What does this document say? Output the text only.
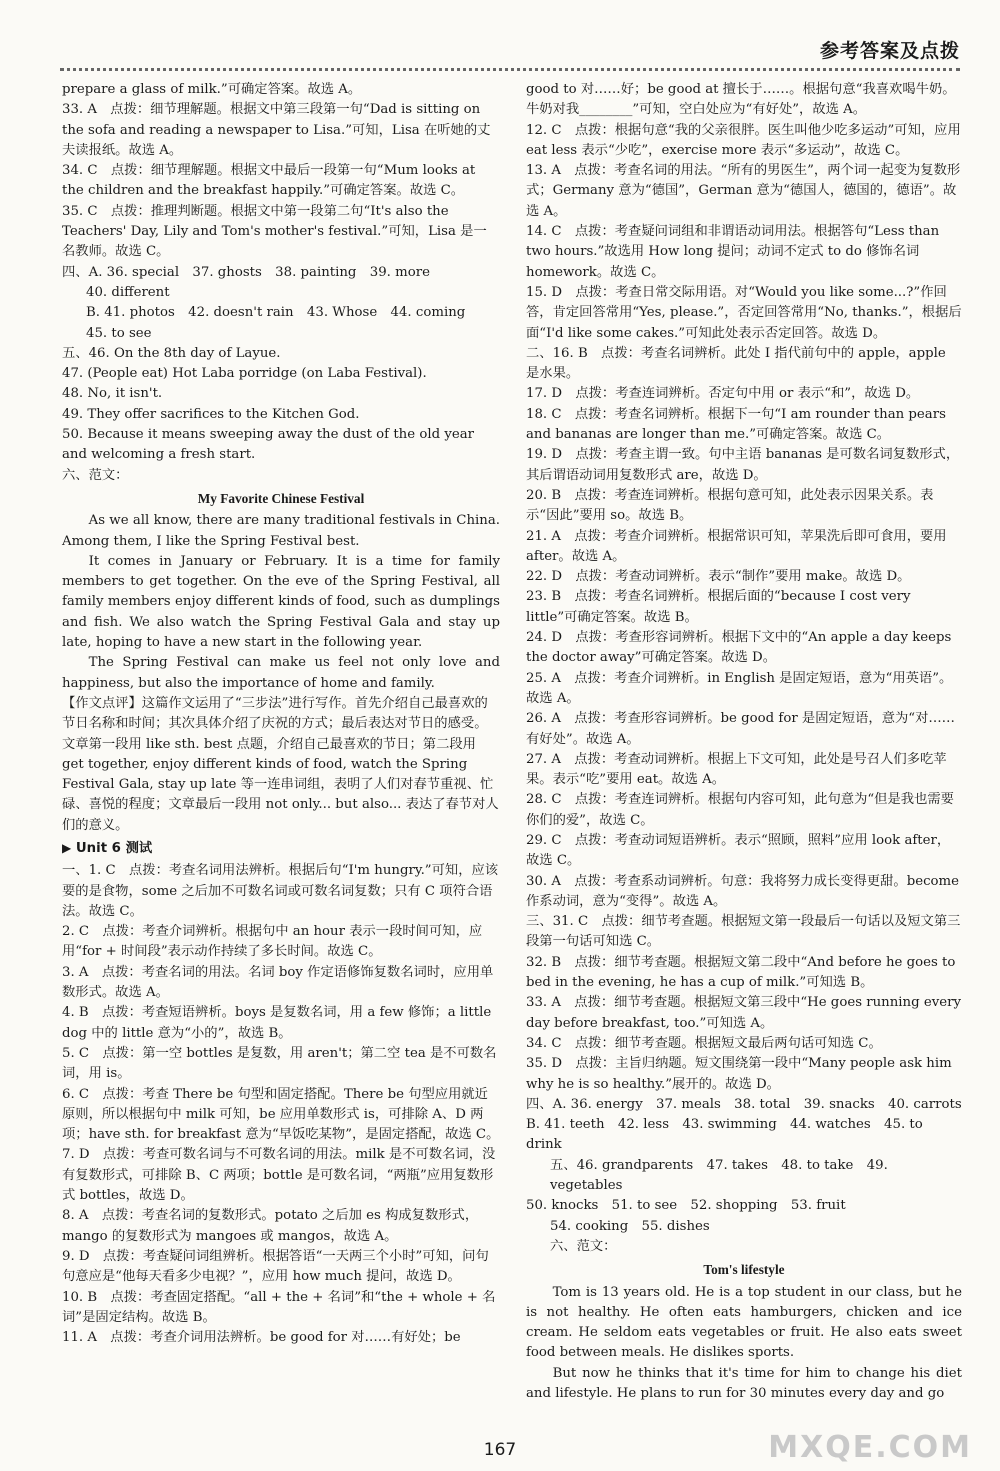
参考答案及点拨

prepare a glass of milk.”可确定答案。故选 A。

33. A　点拨：细节理解题。根据文中第三段第一句“Dad is sitting on the sofa and reading a newspaper to Lisa.”可知，Lisa 在听她的丈夫读报纸。故选 A。

34. C　点拨：细节理解题。根据文中最后一段第一句“Mum looks at the children and the breakfast happily.”可确定答案。故选 C。

35. C　点拨：推理判断题。根据文中第一段第二句“It's also the Teachers' Day, Lily and Tom's mother's festival.”可知，Lisa 是一名教师。故选 C。

四、A. 36. special　37. ghosts　38. painting　39. more

40. different

B. 41. photos　42. doesn't rain　43. Whose　44. coming

45. to see

五、46. On the 8th day of Layue.

47. (People eat) Hot Laba porridge (on Laba Festival).

48. No, it isn't.

49. They offer sacrifices to the Kitchen God.

50. Because it means sweeping away the dust of the old year and welcoming a fresh start.

六、范文：

My Favorite Chinese Festival

As we all know, there are many traditional festivals in China. Among them, I like the Spring Festival best.

It comes in January or February. It is a time for family members to get together. On the eve of the Spring Festival, all family members enjoy different kinds of food, such as dumplings and fish. We also watch the Spring Festival Gala and stay up late, hoping to have a new start in the following year.

The Spring Festival can make us feel not only love and happiness, but also the importance of home and family.

【作文点评】这篇作文运用了“三步法”进行写作。首先介绍自己最喜欢的节日名称和时间；其次具体介绍了庆祝的方式；最后表达对节日的感受。文章第一段用 like sth. best 点题，介绍自己最喜欢的节日；第二段用 get together, enjoy different kinds of food, watch the Spring Festival Gala, stay up late 等一连串词组，表明了人们对春节重视、忙碌、喜悦的程度；文章最后一段用 not only... but also... 表达了春节对人们的意义。

▶ Unit 6 测试

一、1. C　点拨：考查名词用法辨析。根据后句“I'm hungry.”可知，应该要的是食物，some 之后加不可数名词或可数名词复数；只有 C 项符合语法。故选 C。

2. C　点拨：考查介词辨析。根据句中 an hour 表示一段时间可知，应用“for + 时间段”表示动作持续了多长时间。故选 C。

3. A　点拨：考查名词的用法。名词 boy 作定语修饰复数名词时，应用单数形式。故选 A。

4. B　点拨：考查短语辨析。boys 是复数名词，用 a few 修饰；a little dog 中的 little 意为“小的”，故选 B。

5. C　点拨：第一空 bottles 是复数，用 aren't；第二空 tea 是不可数名词，用 is。

6. C　点拨：考查 There be 句型和固定搭配。There be 句型应用就近原则，所以根据句中 milk 可知，be 应用单数形式 is，可排除 A、D 两项；have sth. for breakfast 意为“早饭吃某物”，是固定搭配，故选 C。

7. D　点拨：考查可数名词与不可数名词的用法。milk 是不可数名词，没有复数形式，可排除 B、C 两项；bottle 是可数名词，“两瓶”应用复数形式 bottles，故选 D。

8. A　点拨：考查名词的复数形式。potato 之后加 es 构成复数形式，mango 的复数形式为 mangoes 或 mangos，故选 A。

9. D　点拨：考查疑问词组辨析。根据答语“一天两三个小时”可知，问句句意应是“他每天看多少电视？”，应用 how much 提问，故选 D。

10. B　点拨：考查固定搭配。“all + the + 名词”和“the + whole + 名词”是固定结构。故选 B。

11. A　点拨：考查介词用法辨析。be good for 对……有好处；be

good to 对……好；be good at 擅长于……。根据句意“我喜欢喝牛奶。牛奶对我________”可知，空白处应为“有好处”，故选 A。

12. C　点拨：根据句意“我的父亲很胖。医生叫他少吃多运动”可知，应用 eat less 表示“少吃”，exercise more 表示“多运动”，故选 C。

13. A　点拨：考查名词的用法。“所有的男医生”，两个词一起变为复数形式；Germany 意为“德国”，German 意为“德国人，德国的，德语”。故选 A。

14. C　点拨：考查疑问词组和非谓语动词用法。根据答句“Less than two hours.”故选用 How long 提问；动词不定式 to do 修饰名词 homework。故选 C。

15. D　点拨：考查日常交际用语。对“Would you like some...?”作回答，肯定回答常用“Yes, please.”，否定回答常用“No, thanks.”，根据后面“I'd like some cakes.”可知此处表示否定回答。故选 D。

二、16. B　点拨：考查名词辨析。此处 I 指代前句中的 apple，apple 是水果。

17. D　点拨：考查连词辨析。否定句中用 or 表示“和”，故选 D。

18. C　点拨：考查名词辨析。根据下一句“I am rounder than pears and bananas are longer than me.”可确定答案。故选 C。

19. D　点拨：考查主谓一致。句中主语 bananas 是可数名词复数形式，其后谓语动词用复数形式 are，故选 D。

20. B　点拨：考查连词辨析。根据句意可知，此处表示因果关系。表示“因此”要用 so。故选 B。

21. A　点拨：考查介词辨析。根据常识可知，苹果洗后即可食用，要用 after。故选 A。

22. D　点拨：考查动词辨析。表示“制作”要用 make。故选 D。

23. B　点拨：考查名词辨析。根据后面的“because I cost very little”可确定答案。故选 B。

24. D　点拨：考查形容词辨析。根据下文中的“An apple a day keeps the doctor away”可确定答案。故选 D。

25. A　点拨：考查介词辨析。in English 是固定短语，意为“用英语”。故选 A。

26. A　点拨：考查形容词辨析。be good for 是固定短语，意为“对……有好处”。故选 A。

27. A　点拨：考查动词辨析。根据上下文可知，此处是号召人们多吃苹果。表示“吃”要用 eat。故选 A。

28. C　点拨：考查连词辨析。根据句内容可知，此句意为“但是我也需要你们的爱”，故选 C。

29. C　点拨：考查动词短语辨析。表示“照顾，照料”应用 look after，故选 C。

30. A　点拨：考查系动词辨析。句意：我将努力成长变得更甜。become 作系动词，意为“变得”。故选 A。

三、31. C　点拨：细节考查题。根据短文第一段最后一句话以及短文第三段第一句话可知选 C。

32. B　点拨：细节考查题。根据短文第二段中“And before he goes to bed in the evening, he has a cup of milk.”可知选 B。

33. A　点拨：细节考查题。根据短文第三段中“He goes running every day before breakfast, too.”可知选 A。

34. C　点拨：细节考查题。根据短文最后两句话可知选 C。

35. D　点拨：主旨归纳题。短文围绕第一段中“Many people ask him why he is so healthy.”展开的。故选 D。

四、A. 36. energy　37. meals　38. total　39. snacks　40. carrots

B. 41. teeth　42. less　43. swimming　44. watches　45. to drink

五、46. grandparents　47. takes　48. to take　49. vegetables

50. knocks　51. to see　52. shopping　53. fruit

54. cooking　55. dishes

六、范文：

Tom's lifestyle

Tom is 13 years old. He is a top student in our class, but he is not healthy. He often eats hamburgers, chicken and ice cream. He seldom eats vegetables or fruit. He also eats sweet food between meals. He dislikes sports.

But now he thinks that it's time for him to change his diet and lifestyle. He plans to run for 30 minutes every day and go

167	MXQE.COM
